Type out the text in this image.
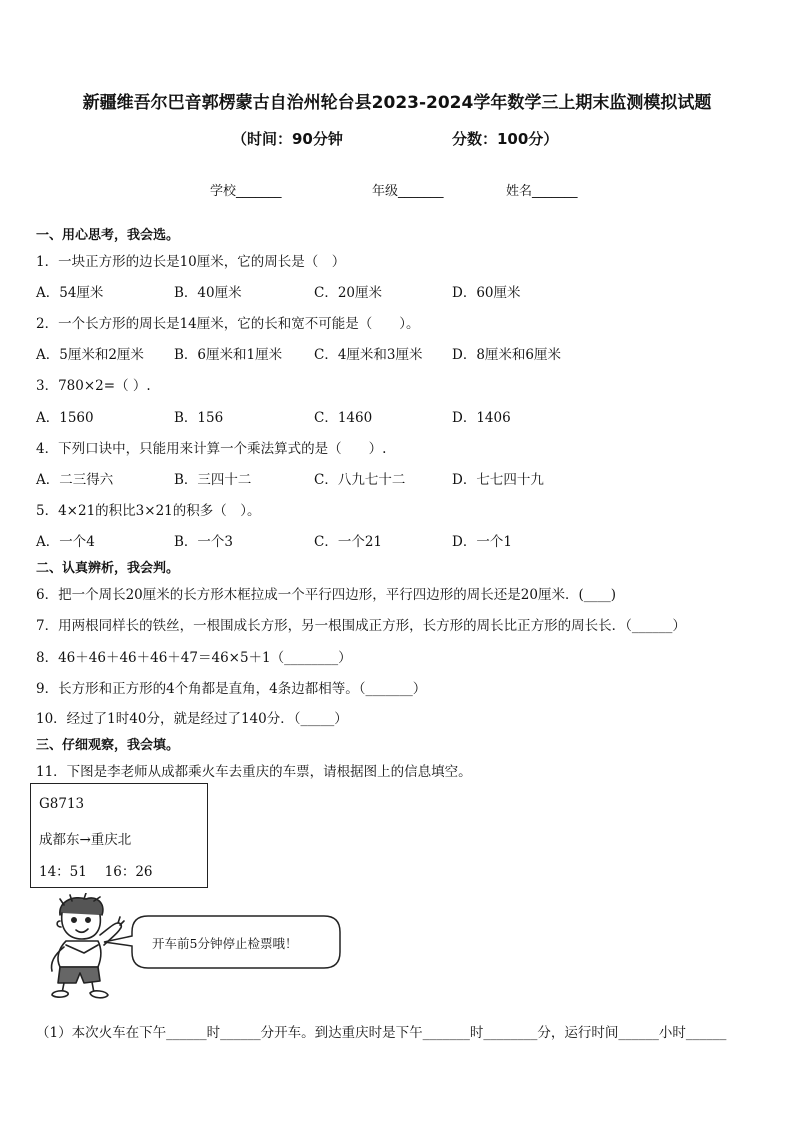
新疆维吾尔巴音郭楞蒙古自治州轮台县2023-2024学年数学三上期末监测模拟试题
（时间：90分钟	分数：100分）
学校_______	年级_______	姓名_______
一、用心思考，我会选。
1．一块正方形的边长是10厘米，它的周长是（　）
A．54厘米	B．40厘米	C．20厘米	D．60厘米
2．一个长方形的周长是14厘米，它的长和宽不可能是（　　）。
A．5厘米和2厘米 B．6厘米和1厘米 C．4厘米和3厘米 D．8厘米和6厘米
3．780×2=（ ）.
A．1560	B．156	C．1460	D．1406
4．下列口诀中，只能用来计算一个乘法算式的是（　　）.
A．二三得六	B．三四十二	C．八九七十二	D．七七四十九
5．4×21的积比3×21的积多（　）。
A．一个4	B．一个3	C．一个21	D．一个1
二、认真辨析，我会判。
6．把一个周长20厘米的长方形木框拉成一个平行四边形，平行四边形的周长还是20厘米．(____)
7．用两根同样长的铁丝，一根围成长方形，另一根围成正方形，长方形的周长比正方形的周长长．（______）
8．46＋46＋46＋46＋47＝46×5＋1（________）
9．长方形和正方形的4个角都是直角，4条边都相等。（_______）
10．经过了1时40分，就是经过了140分．（_____）
三、仔细观察，我会填。
11．下图是李老师从成都乘火车去重庆的车票，请根据图上的信息填空。
G8713
成都东→重庆北
14：51　 16：26
开车前5分钟停止检票哦！
（1）本次火车在下午______时______分开车。到达重庆时是下午_______时________分，运行时间______小时______
